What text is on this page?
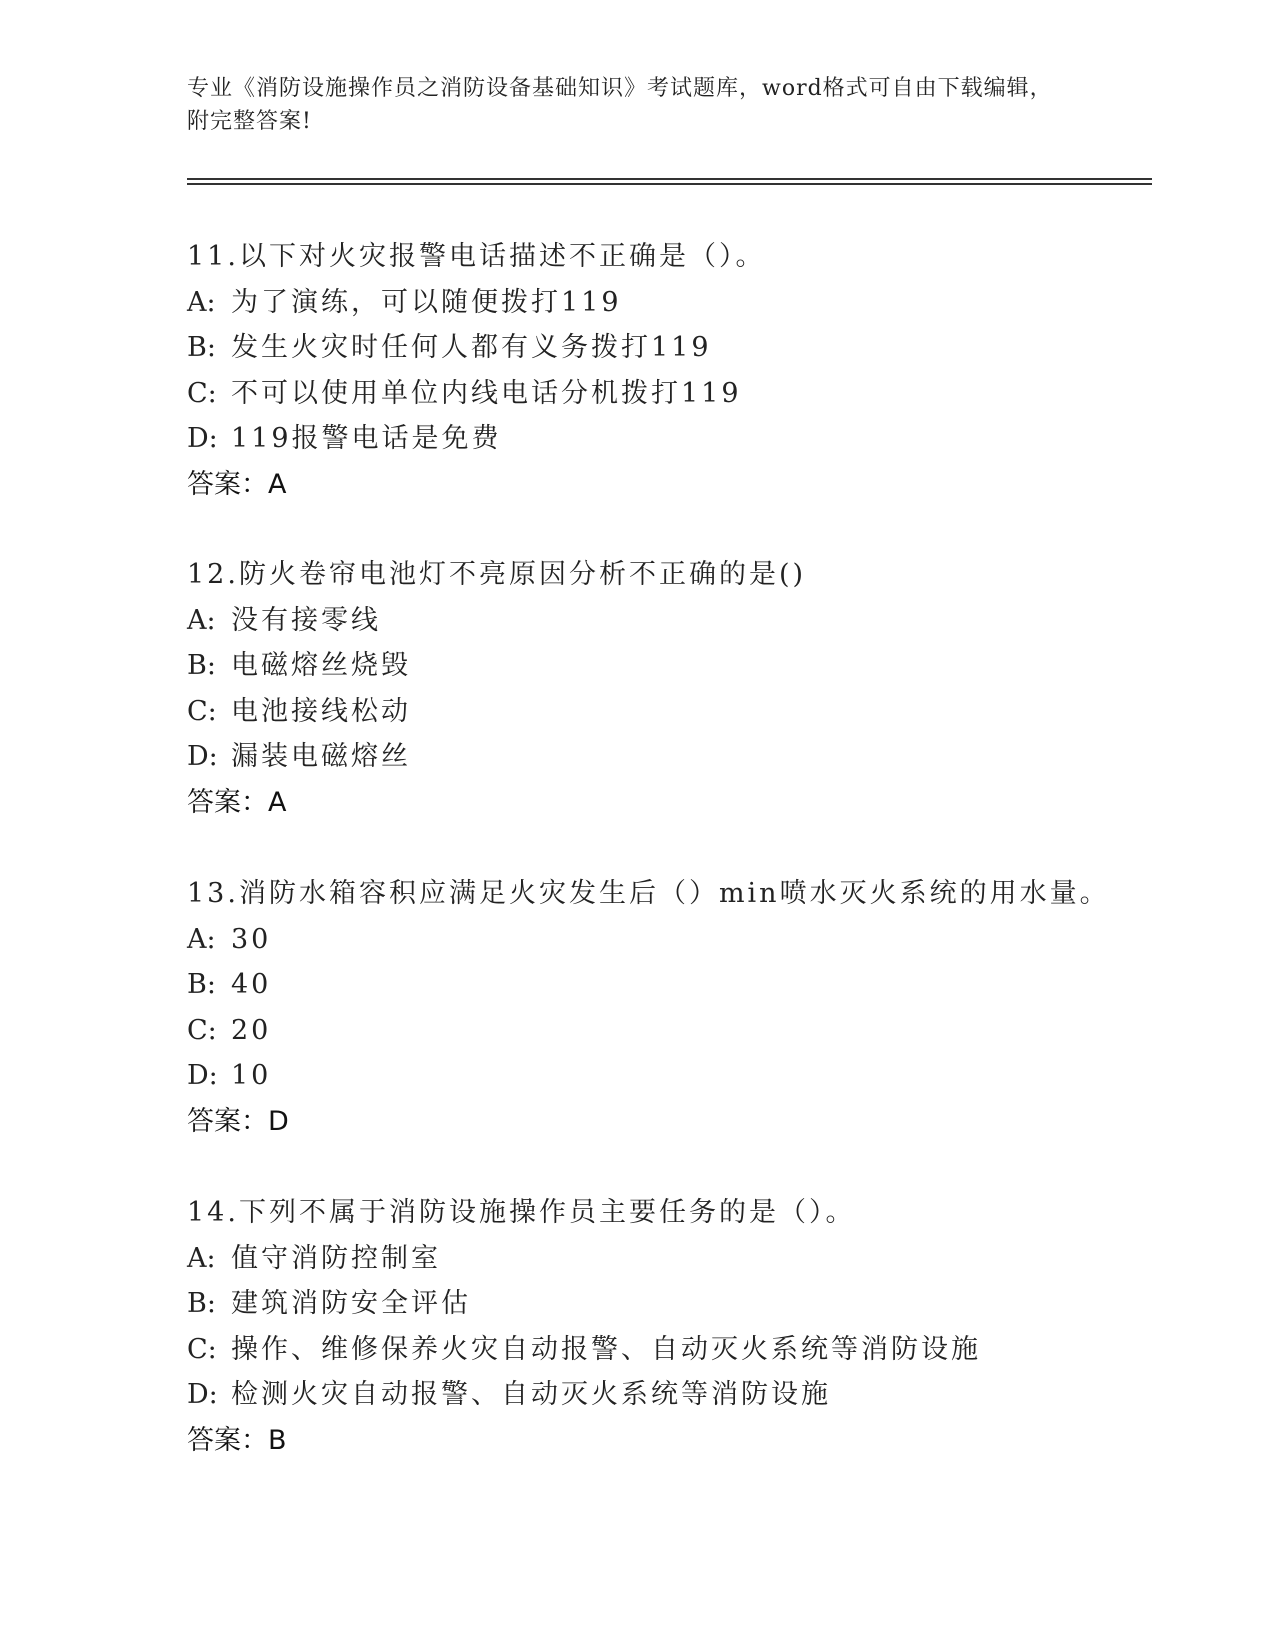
专业《消防设施操作员之消防设备基础知识》考试题库，word格式可自由下载编辑，附完整答案!
11.以下对火灾报警电话描述不正确是（）。
A: 为了演练，可以随便拨打119
B: 发生火灾时任何人都有义务拨打119
C: 不可以使用单位内线电话分机拨打119
D: 119报警电话是免费
答案：A
12.防火卷帘电池灯不亮原因分析不正确的是()
A: 没有接零线
B: 电磁熔丝烧毁
C: 电池接线松动
D: 漏装电磁熔丝
答案：A
13.消防水箱容积应满足火灾发生后（）min喷水灭火系统的用水量。
A: 30
B: 40
C: 20
D: 10
答案：D
14.下列不属于消防设施操作员主要任务的是（）。
A: 值守消防控制室
B: 建筑消防安全评估
C: 操作、维修保养火灾自动报警、自动灭火系统等消防设施
D: 检测火灾自动报警、自动灭火系统等消防设施
答案：B
